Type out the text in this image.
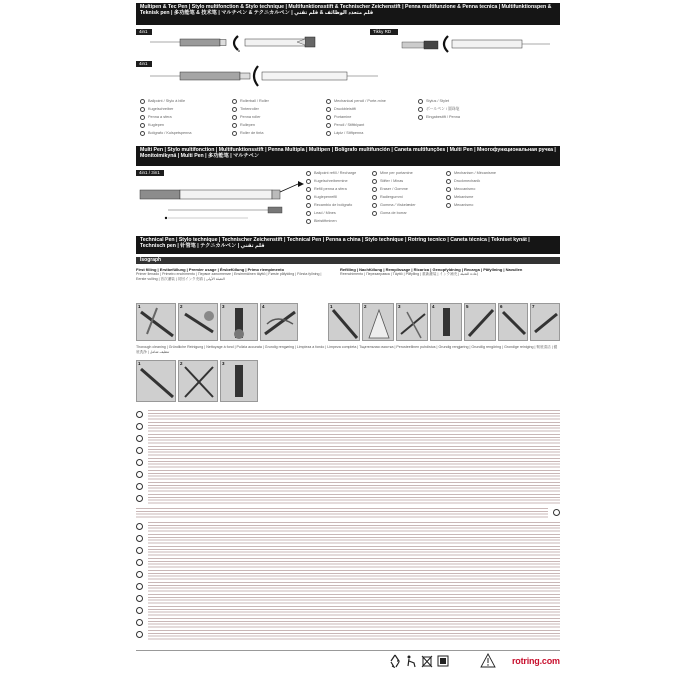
Multipen & Tec Pen | Stylo multifonction & Stylo technique | Multifunktionsstift & Technischer Zeichenstift | Penna multifunzione & Penna tecnica | Multifunktionspen & Teknisk pen | 多功能笔 & 技术笔 | マルチペン & テクニカルペン | قلم متعدد الوظائف & قلم تقني
4in1	Tikky RD
4in1
Ballpoint / Stylo à bille
Kugelschreiber
Penna a sfera
Kuglepen
Bolígrafo / Kulspetspenna
Rollerball / Roller
Tintenroller
Penna roller
Rullepen
Roller de tinta
Mechanical pencil / Porte-mine
Druckbleistift
Portamine
Pencil / Stiftblyant
Lápiz / Stiftpenna
Stylus / Stylet
ボールペン / 圆珠笔
Eingabestift / Penna
Multi Pen | Stylo multifonction | Multifunktionsstift | Penna Multipla | Multipen | Bolígrafo multifunción | Caneta multifunções | Multi Pen | Многофункциональная ручка | Monitoimikynä | Multi Pen | 多功能笔 | マルチペン
4in1 / 3in1	Ballpoint refill / Recharge
Kugelschreibermine
Refill penna a sfera
Kuglepenrefill
Recambio de bolígrafo
Lead / Mines
Bleistiftminen
Mine per portamine
Stifter / Minas
Eraser / Gomme
Radiergummi
Gomma / Viskelæder
Goma de borrar
Mechanism / Mécanisme
Druckmechanik
Meccanismo
Mekanisme
Mecanismo
Technical Pen | Stylo technique | Technischer Zeichenstift | Technical Pen | Penna a china | Stylo technique | Rotring tecnico | Caneta técnica | Tekniset kynät | Technisch pen | 针管笔 | テクニカルペン | قلم تقني
Isograph
First filling | Erstbefüllung | Premier usage | Érsbefüllung | Primo riempimento
Primer llenado | Primeiro enchimento | Первое заполнение | Ensimmäinen täyttö | Første påfylding | Första fyllning | Eerste vulling | 首次灌装 | 初回インク充填 | التعبئة الأولى
Refilling | Nachfüllung | Remplissage | Ricarica | Genopfyldning | Recarga | Påfyllning | Navullen
Reenchimento | Перезаправка | Täyttö | Påfylling | 重新灌装 | インク補充 | إعادة التعبئة
1	2	3	4	1	2	3	4	5	6	7
Thorough cleaning | Gründliche Reinigung | Nettoyage à fond | Pulizia accurata | Grundig rengøring | Limpieza a fondo | Limpeza completa | Тщательная очистка | Perusteellinen puhdistus | Grundig rengjøring | Grundlig rengöring | Grondige reiniging | 彻底清洁 | 徹底洗浄 | تنظيف شامل
1	2	3
rotring.com
